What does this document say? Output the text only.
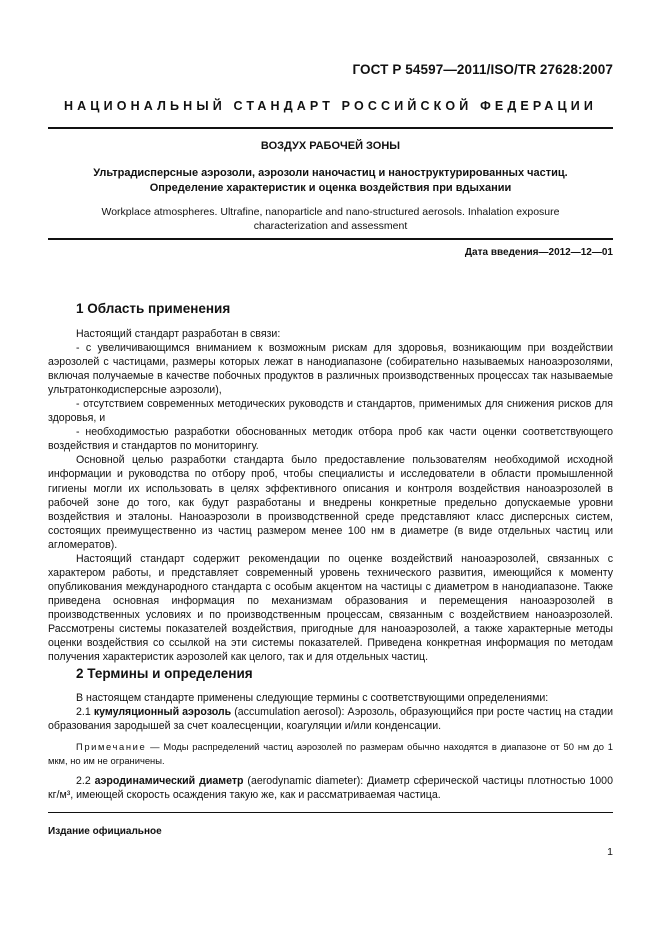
ГОСТ Р 54597—2011/ISO/TR 27628:2007
НАЦИОНАЛЬНЫЙ СТАНДАРТ РОССИЙСКОЙ ФЕДЕРАЦИИ
ВОЗДУХ РАБОЧЕЙ ЗОНЫ
Ультрадисперсные аэрозоли, аэрозоли наночастиц и наноструктурированных частиц.
Определение характеристик и оценка воздействия при вдыхании
Workplace atmospheres. Ultrafine, nanoparticle and nano-structured aerosols. Inhalation exposure
characterization and assessment
Дата введения—2012—12—01
1 Область применения

Настоящий стандарт разработан в связи:

- с увеличивающимся вниманием к возможным рискам для здоровья, возникающим при воздействии аэрозолей с частицами, размеры которых лежат в нанодиапазоне (собирательно называемых наноаэрозолями, включая получаемые в качестве побочных продуктов в различных производственных процессах так называемые ультратонкодисперсные аэрозоли),

- отсутствием современных методических руководств и стандартов, применимых для снижения рисков для здоровья, и

- необходимостью разработки обоснованных методик отбора проб как части оценки соответствующего воздействия и стандартов по мониторингу.

Основной целью разработки стандарта было предоставление пользователям необходимой исходной информации и руководства по отбору проб, чтобы специалисты и исследователи в области промышленной гигиены могли их использовать в целях эффективного описания и контроля воздействия наноаэрозолей в рабочей зоне до того, как будут разработаны и внедрены конкретные предельно допускаемые уровни воздействия и эталоны. Наноаэрозоли в производственной среде представляют класс дисперсных систем, состоящих преимущественно из частиц размером менее 100 нм в диаметре (в виде отдельных частиц или агломератов).

Настоящий стандарт содержит рекомендации по оценке воздействий наноаэрозолей, связанных с характером работы, и представляет современный уровень технического развития, имеющийся к моменту опубликования международного стандарта с особым акцентом на частицы с диаметром в нанодиапазоне. Также приведена основная информация по механизмам образования и перемещения наноаэрозолей в производственных условиях и по производственным процессам, связанным с воздействием наноаэрозолей. Рассмотрены системы показателей воздействия, пригодные для наноаэрозолей, а также характерные методы оценки воздействия со ссылкой на эти системы показателей. Приведена конкретная информация по методам получения характеристик аэрозолей как целого, так и для отдельных частиц.

2 Термины и определения

В настоящем стандарте применены следующие термины с соответствующими определениями:

2.1 кумуляционный аэрозоль (accumulation aerosol): Аэрозоль, образующийся при росте частиц на стадии образования зародышей за счет коалесценции, коагуляции и/или конденсации.

Примечание — Моды распределений частиц аэрозолей по размерам обычно находятся в диапазоне от 50 нм до 1 мкм, но им не ограничены.

2.2 аэродинамический диаметр (aerodynamic diameter): Диаметр сферической частицы плотностью 1000 кг/м³, имеющей скорость осаждения такую же, как и рассматриваемая частица.

Издание официальное
1
